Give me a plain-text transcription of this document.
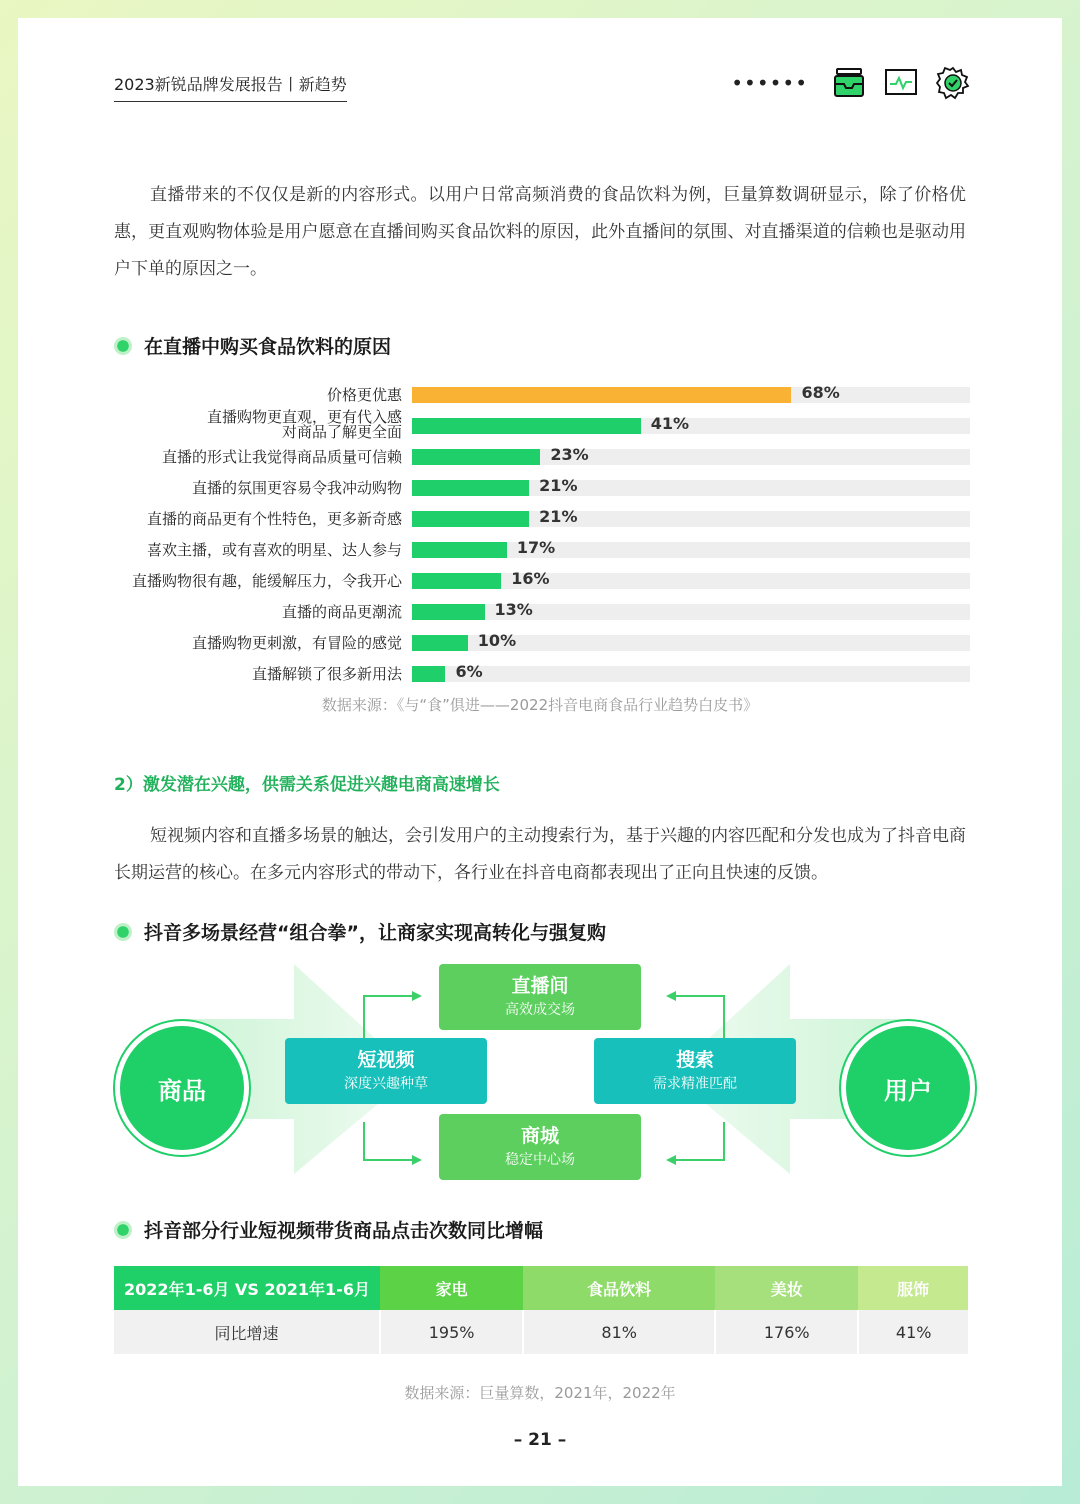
2023新锐品牌发展报告丨新趋势	••••••

直播带来的不仅仅是新的内容形式。以用户日常高频消费的食品饮料为例，巨量算数调研显示，除了价格优惠，更直观购物体验是用户愿意在直播间购买食品饮料的原因，此外直播间的氛围、对直播渠道的信赖也是驱动用户下单的原因之一。

在直播中购买食品饮料的原因
价格更优惠	68%
直播购物更直观，更有代入感
对商品了解更全面	41%
直播的形式让我觉得商品质量可信赖	23%
直播的氛围更容易令我冲动购物	21%
直播的商品更有个性特色，更多新奇感	21%
喜欢主播，或有喜欢的明星、达人参与	17%
直播购物很有趣，能缓解压力，令我开心	16%
直播的商品更潮流	13%
直播购物更刺激，有冒险的感觉	10%
直播解锁了很多新用法	6%
数据来源：《与“食”俱进——2022抖音电商食品行业趋势白皮书》
2）激发潜在兴趣，供需关系促进兴趣电商高速增长

短视频内容和直播多场景的触达，会引发用户的主动搜索行为，基于兴趣的内容匹配和分发也成为了抖音电商长期运营的核心。在多元内容形式的带动下，各行业在抖音电商都表现出了正向且快速的反馈。

抖音多场景经营“组合拳”，让商家实现高转化与强复购
商品	用户
直播间
高效成交场
短视频
深度兴趣种草
搜索
需求精准匹配
商城
稳定中心场
抖音部分行业短视频带货商品点击次数同比增幅
2022年1-6月 VS 2021年1-6月	家电	食品饮料	美妆	服饰
同比增速	195%	81%	176%	41%
数据来源：巨量算数，2021年，2022年
– 21 –
